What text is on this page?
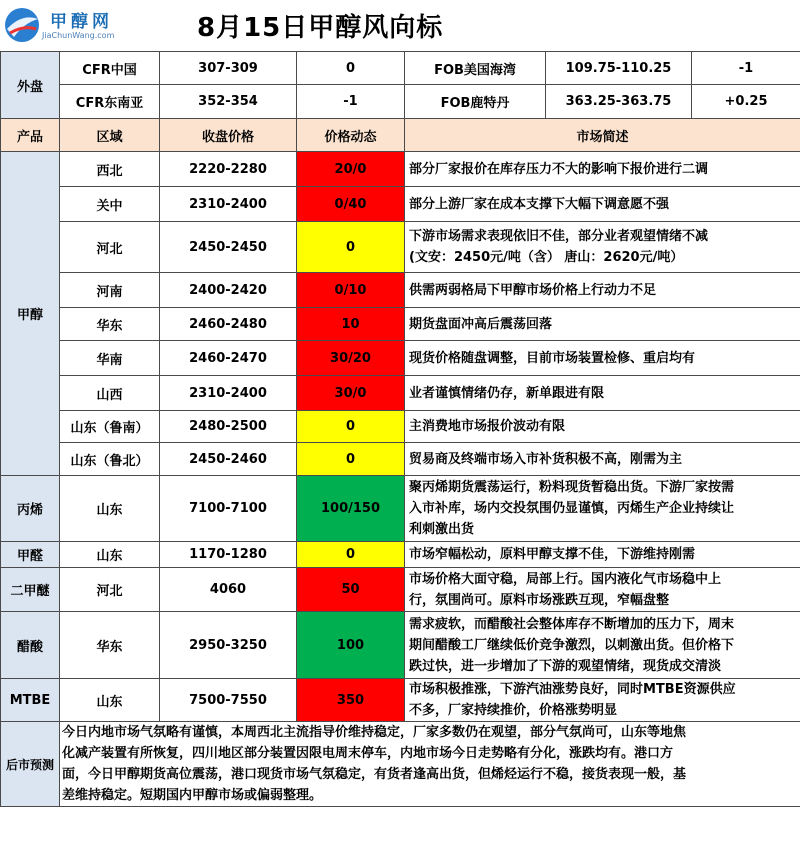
甲醇网
JiaChunWang.com	8月15日甲醇风向标
外盘	CFR中国	307-309	0	FOB美国海湾	109.75-110.25	-1
	CFR东南亚	352-354	-1	FOB鹿特丹	363.25-363.75	+0.25
产品	区域	收盘价格	价格动态	市场简述		
甲醇	西北	2220-2280	20/0	部分厂家报价在库存压力不大的影响下报价进行二调		
	关中	2310-2400	0/40	部分上游厂家在成本支撑下大幅下调意愿不强		
	河北	2450-2450	0	下游市场需求表现依旧不佳，部分业者观望情绪不减
(文安：2450元/吨（含） 唐山：2620元/吨）		

	河南	2400-2420	0/10	供需两弱格局下甲醇市场价格上行动力不足		
	华东	2460-2480	10	期货盘面冲高后震荡回落		
	华南	2460-2470	30/20	现货价格随盘调整，目前市场装置检修、重启均有		
	山西	2310-2400	30/0	业者谨慎情绪仍存，新单跟进有限		
	山东（鲁南）	2480-2500	0	主消费地市场报价波动有限		
	山东（鲁北）	2450-2460	0	贸易商及终端市场入市补货积极不高，刚需为主		
丙烯	山东	7100-7100	100/150	聚丙烯期货震荡运行，粉料现货暂稳出货。下游厂家按需
入市补库，场内交投氛围仍显谨慎，丙烯生产企业持续让
利刺激出货		

甲醛	山东	1170-1280	0	市场窄幅松动，原料甲醇支撑不佳，下游维持刚需		

二甲醚	河北	4060	50	市场价格大面守稳，局部上行。国内液化气市场稳中上
行，氛围尚可。原料市场涨跌互现，窄幅盘整		

醋酸	华东	2950-3250	100	需求疲软，而醋酸社会整体库存不断增加的压力下，周末
期间醋酸工厂继续低价竞争激烈，以刺激出货。但价格下
跌过快，进一步增加了下游的观望情绪，现货成交清淡		

MTBE	山东	7500-7550	350	市场积极推涨，下游汽油涨势良好，同时MTBE资源供应
不多，厂家持续推价，价格涨势明显		

后市预测	今日内地市场气氛略有谨慎，本周西北主流指导价维持稳定，厂家多数仍在观望，部分气氛尚可，山东等地焦
化减产装置有所恢复，四川地区部分装置因限电周末停车，内地市场今日走势略有分化，涨跌均有。港口方
面，今日甲醇期货高位震荡，港口现货市场气氛稳定，有货者逢高出货，但烯烃运行不稳，接货表现一般，基
差维持稳定。短期国内甲醇市场或偏弱整理。					
